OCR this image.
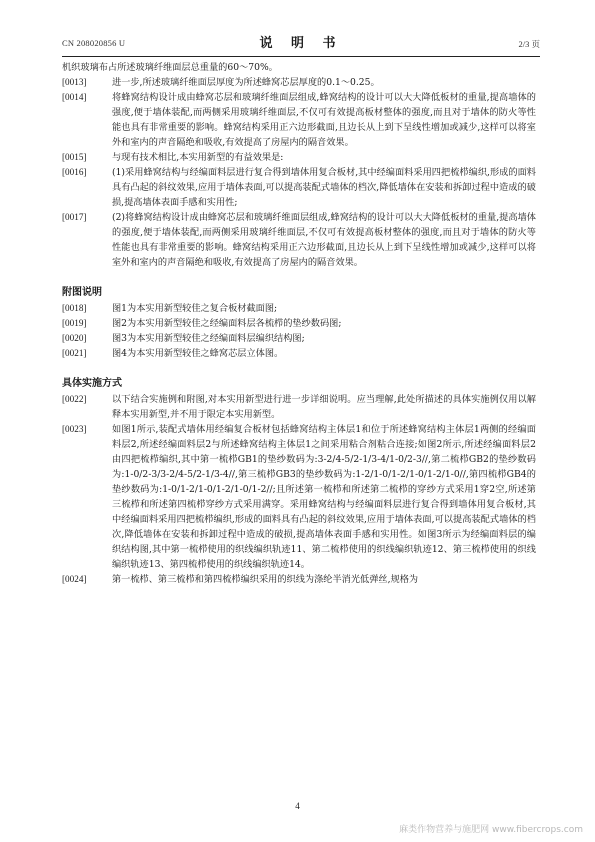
CN 208020856 U	说 明 书	2/3 页

机织玻璃布占所述玻璃纤维面层总重量的60～70%。

[0013]	进一步,所述玻璃纤维面层厚度为所述蜂窝芯层厚度的0.1～0.25。

[0014]	将蜂窝结构设计成由蜂窝芯层和玻璃纤维面层组成,蜂窝结构的设计可以大大降低板材的重量,提高墙体的强度,便于墙体装配,而两侧采用玻璃纤维面层,不仅可有效提高板材整体的强度,而且对于墙体的防火等性能也具有非常重要的影响。蜂窝结构采用正六边形截面,且边长从上到下呈线性增加或减少,这样可以将室外和室内的声音隔绝和吸收,有效提高了房屋内的隔音效果。

[0015]	与现有技术相比,本实用新型的有益效果是:

[0016]	(1)采用蜂窝结构与经编面料层进行复合得到墙体用复合板材,其中经编面料采用四把梳栉编织,形成的面料具有凸起的斜纹效果,应用于墙体表面,可以提高装配式墙体的档次,降低墙体在安装和拆卸过程中造成的破损,提高墙体表面手感和实用性;

[0017]	(2)将蜂窝结构设计成由蜂窝芯层和玻璃纤维面层组成,蜂窝结构的设计可以大大降低板材的重量,提高墙体的强度,便于墙体装配,而两侧采用玻璃纤维面层,不仅可有效提高板材整体的强度,而且对于墙体的防火等性能也具有非常重要的影响。蜂窝结构采用正六边形截面,且边长从上到下呈线性增加或减少,这样可以将室外和室内的声音隔绝和吸收,有效提高了房屋内的隔音效果。

附图说明

[0018]	图1为本实用新型较佳之复合板材截面图;

[0019]	图2为本实用新型较佳之经编面料层各梳栉的垫纱数码图;

[0020]	图3为本实用新型较佳之经编面料层编织结构图;

[0021]	图4为本实用新型较佳之蜂窝芯层立体图。

具体实施方式

[0022]	以下结合实施例和附图,对本实用新型进行进一步详细说明。应当理解,此处所描述的具体实施例仅用以解释本实用新型,并不用于限定本实用新型。

[0023]	如图1所示,装配式墙体用经编复合板材包括蜂窝结构主体层1和位于所述蜂窝结构主体层1两侧的经编面料层2,所述经编面料层2与所述蜂窝结构主体层1之间采用粘合剂粘合连接;如图2所示,所述经编面料层2由四把梳栉编织,其中第一梳栉GB1的垫纱数码为:3-2/4-5/2-1/3-4/1-0/2-3//,第二梳栉GB2的垫纱数码为:1-0/2-3/3-2/4-5/2-1/3-4//,第三梳栉GB3的垫纱数码为:1-2/1-0/1-2/1-0/1-2/1-0//,第四梳栉GB4的垫纱数码为:1-0/1-2/1-0/1-2/1-0/1-2//;且所述第一梳栉和所述第二梳栉的穿纱方式采用1穿2空,所述第三梳栉和所述第四梳栉穿纱方式采用满穿。采用蜂窝结构与经编面料层进行复合得到墙体用复合板材,其中经编面料采用四把梳栉编织,形成的面料具有凸起的斜纹效果,应用于墙体表面,可以提高装配式墙体的档次,降低墙体在安装和拆卸过程中造成的破损,提高墙体表面手感和实用性。如图3所示为经编面料层的编织结构图,其中第一梳栉使用的织线编织轨迹11、第二梳栉使用的织线编织轨迹12、第三梳栉使用的织线编织轨迹13、第四梳栉使用的织线编织轨迹14。

[0024]	第一梳栉、第三梳栉和第四梳栉编织采用的织线为涤纶半消光低弹丝,规格为

4
麻类作物营养与施肥网 www.fibercrops.com
